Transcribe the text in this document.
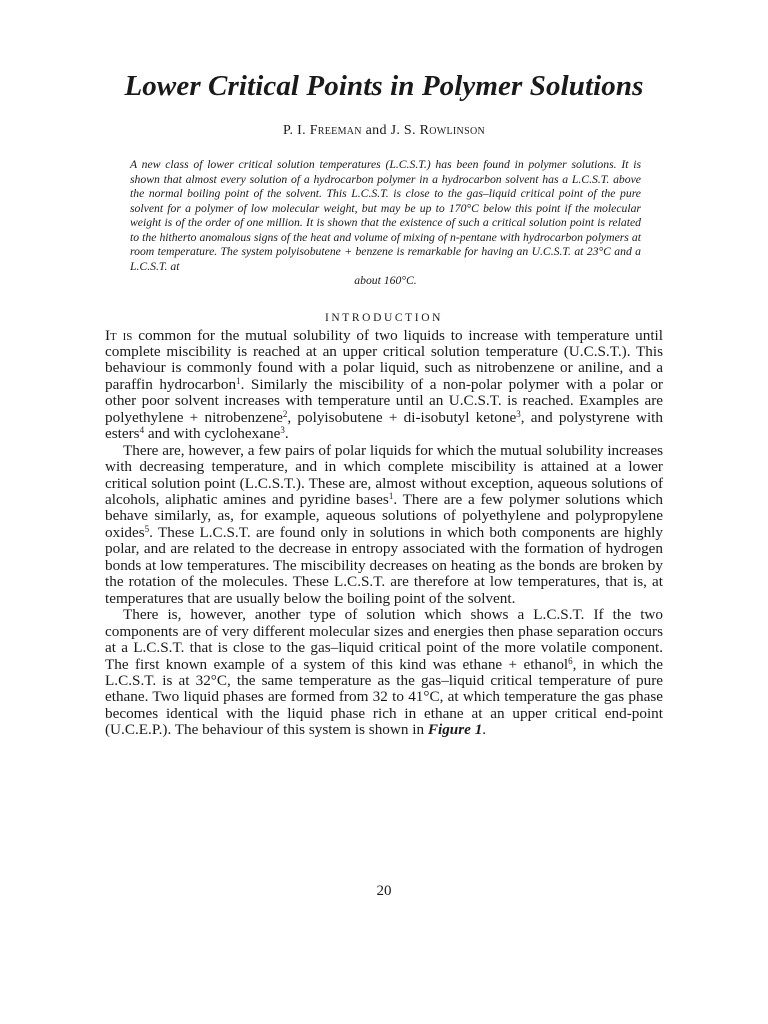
Lower Critical Points in Polymer Solutions
P. I. Freeman and J. S. Rowlinson
A new class of lower critical solution temperatures (L.C.S.T.) has been found in polymer solutions. It is shown that almost every solution of a hydrocarbon polymer in a hydrocarbon solvent has a L.C.S.T. above the normal boiling point of the solvent. This L.C.S.T. is close to the gas–liquid critical point of the pure solvent for a polymer of low molecular weight, but may be up to 170°C below this point if the molecular weight is of the order of one million. It is shown that the existence of such a critical solution point is related to the hitherto anomalous signs of the heat and volume of mixing of n-pentane with hydrocarbon polymers at room temperature. The system polyisobutene + benzene is remarkable for having an U.C.S.T. at 23°C and a L.C.S.T. at
about 160°C.
INTRODUCTION

It is common for the mutual solubility of two liquids to increase with temperature until complete miscibility is reached at an upper critical solution temperature (U.C.S.T.). This behaviour is commonly found with a polar liquid, such as nitrobenzene or aniline, and a paraffin hydrocarbon$^1$. Similarly the miscibility of a non-polar polymer with a polar or other poor solvent increases with temperature until an U.C.S.T. is reached. Examples are polyethylene + nitrobenzene$^2$, polyisobutene + di-isobutyl ketone$^3$, and polystyrene with esters$^4$ and with cyclohexane$^3$.

There are, however, a few pairs of polar liquids for which the mutual solubility increases with decreasing temperature, and in which complete miscibility is attained at a lower critical solution point (L.C.S.T.). These are, almost without exception, aqueous solutions of alcohols, aliphatic amines and pyridine bases$^1$. There are a few polymer solutions which behave similarly, as, for example, aqueous solutions of polyethylene and polypropylene oxides$^5$. These L.C.S.T. are found only in solutions in which both components are highly polar, and are related to the decrease in entropy associated with the formation of hydrogen bonds at low temperatures. The miscibility decreases on heating as the bonds are broken by the rotation of the molecules. These L.C.S.T. are therefore at low temperatures, that is, at temperatures that are usually below the boiling point of the solvent.

There is, however, another type of solution which shows a L.C.S.T. If the two components are of very different molecular sizes and energies then phase separation occurs at a L.C.S.T. that is close to the gas–liquid critical point of the more volatile component. The first known example of a system of this kind was ethane + ethanol$^6$, in which the L.C.S.T. is at 32°C, the same temperature as the gas–liquid critical temperature of pure ethane. Two liquid phases are formed from 32 to 41°C, at which temperature the gas phase becomes identical with the liquid phase rich in ethane at an upper critical end-point (U.C.E.P.). The behaviour of this system is shown in Figure 1.

20
